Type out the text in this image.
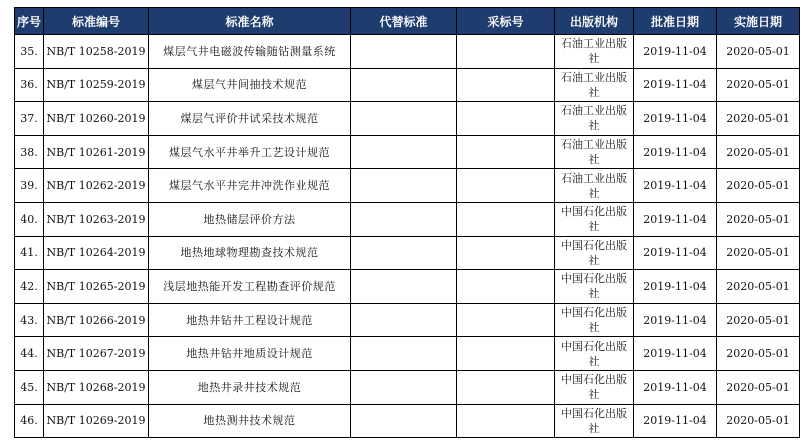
序号	标准编号	标准名称	代替标准	采标号	出版机构	批准日期	实施日期
35.	NB/T 10258-2019	煤层气井电磁波传输随钻测量系统			石油工业出版社	2019-11-04	2020-05-01
36.	NB/T 10259-2019	煤层气井间抽技术规范			石油工业出版社	2019-11-04	2020-05-01
37.	NB/T 10260-2019	煤层气评价井试采技术规范			石油工业出版社	2019-11-04	2020-05-01
38.	NB/T 10261-2019	煤层气水平井举升工艺设计规范			石油工业出版社	2019-11-04	2020-05-01
39.	NB/T 10262-2019	煤层气水平井完井冲洗作业规范			石油工业出版社	2019-11-04	2020-05-01
40.	NB/T 10263-2019	地热储层评价方法			中国石化出版社	2019-11-04	2020-05-01
41.	NB/T 10264-2019	地热地球物理勘查技术规范			中国石化出版社	2019-11-04	2020-05-01
42.	NB/T 10265-2019	浅层地热能开发工程勘查评价规范			中国石化出版社	2019-11-04	2020-05-01
43.	NB/T 10266-2019	地热井钻井工程设计规范			中国石化出版社	2019-11-04	2020-05-01
44.	NB/T 10267-2019	地热井钻井地质设计规范			中国石化出版社	2019-11-04	2020-05-01
45.	NB/T 10268-2019	地热井录井技术规范			中国石化出版社	2019-11-04	2020-05-01
46.	NB/T 10269-2019	地热测井技术规范			中国石化出版社	2019-11-04	2020-05-01
